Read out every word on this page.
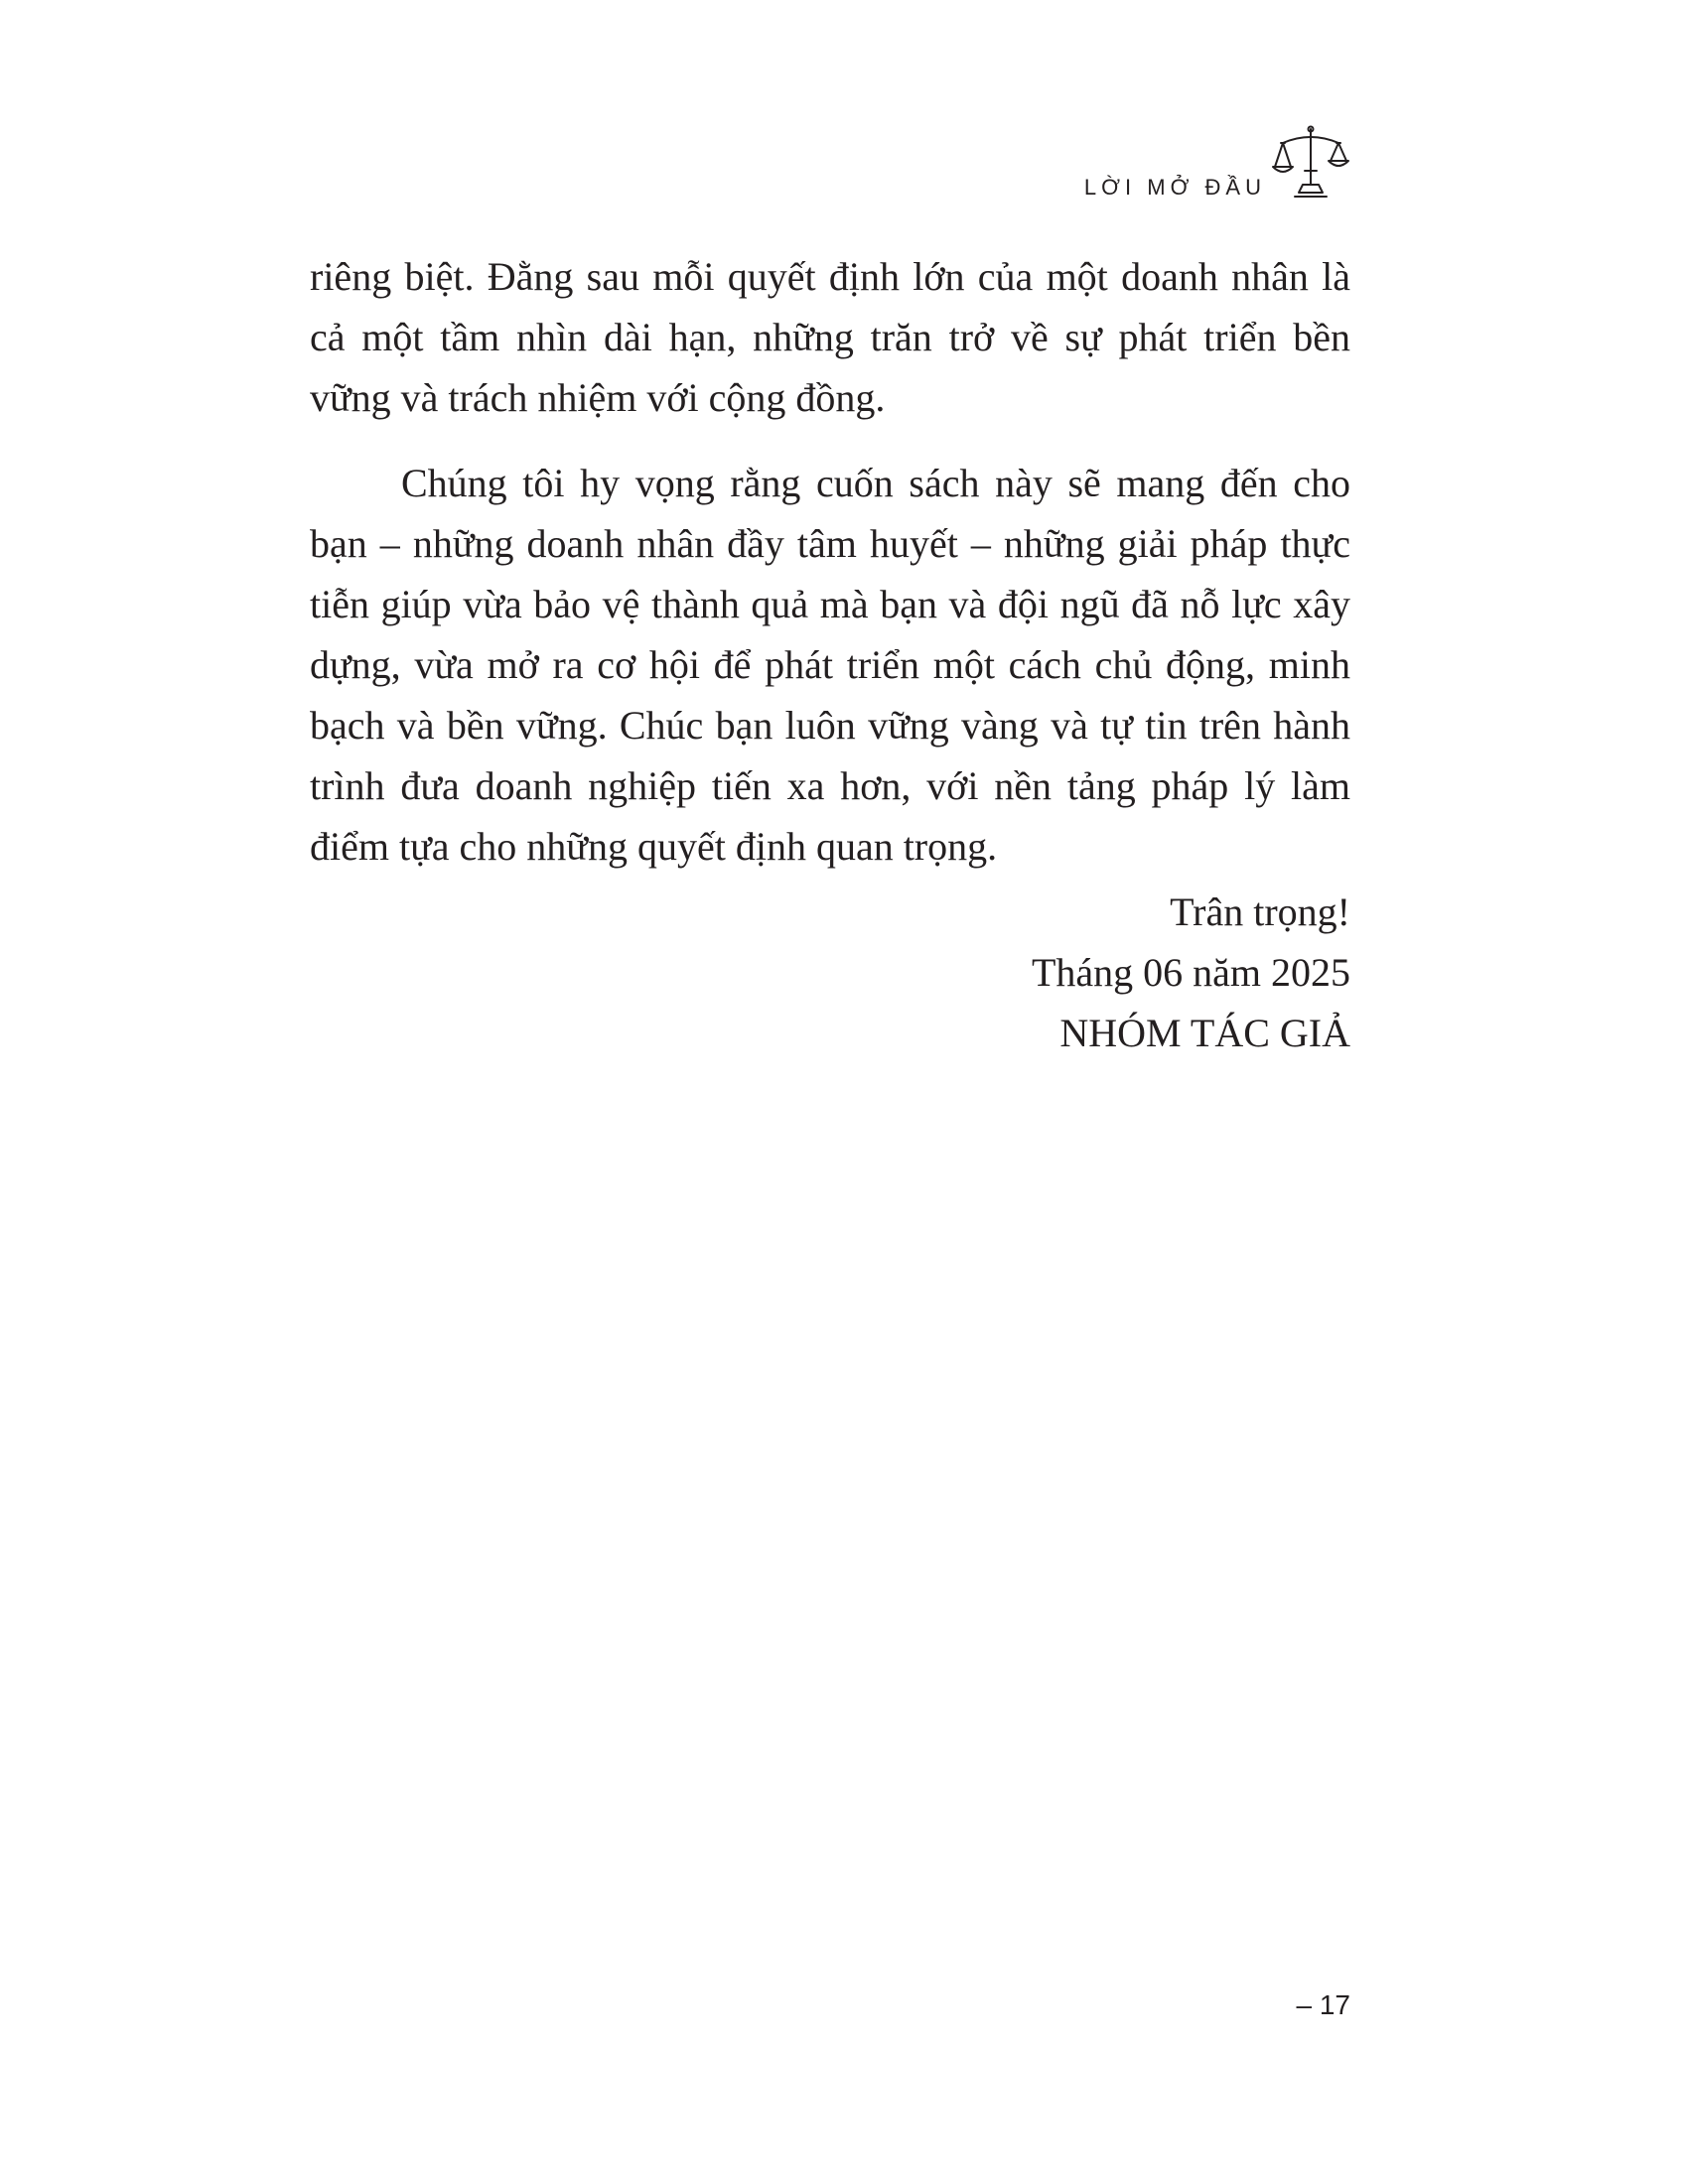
LỜI MỞ ĐẦU

riêng biệt. Đằng sau mỗi quyết định lớn của một doanh nhân là cả một tầm nhìn dài hạn, những trăn trở về sự phát triển bền vững và trách nhiệm với cộng đồng.

Chúng tôi hy vọng rằng cuốn sách này sẽ mang đến cho bạn – những doanh nhân đầy tâm huyết – những giải pháp thực tiễn giúp vừa bảo vệ thành quả mà bạn và đội ngũ đã nỗ lực xây dựng, vừa mở ra cơ hội để phát triển một cách chủ động, minh bạch và bền vững. Chúc bạn luôn vững vàng và tự tin trên hành trình đưa doanh nghiệp tiến xa hơn, với nền tảng pháp lý làm điểm tựa cho những quyết định quan trọng.

Trân trọng!
Tháng 06 năm 2025
NHÓM TÁC GIẢ
– 17
